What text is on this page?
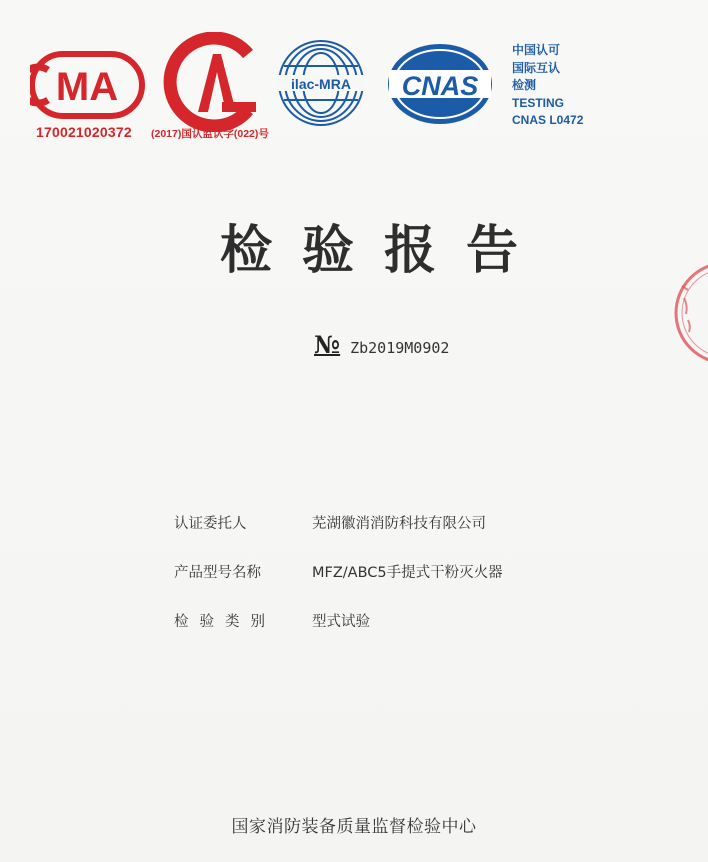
MA	ilac-MRA CNAS
170021020372 (2017)国认监认字(022)号
中国认可
国际互认
检测
TESTING
CNAS L0472
检验报告
№ Zb2019M0902
认证委托人	芜湖徽消消防科技有限公司
产品型号名称	MFZ/ABC5手提式干粉灭火器
检验类别	型式试验
国家消防装备质量监督检验中心
